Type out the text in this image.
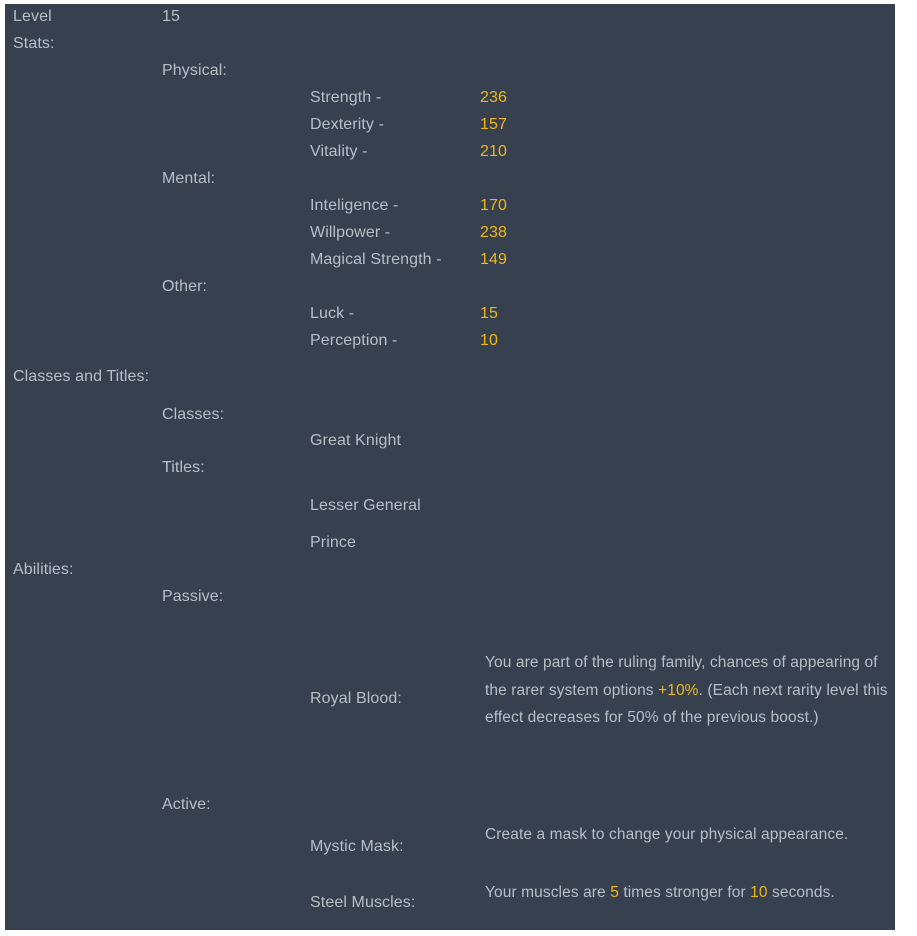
Level	15
Stats:
Physical:
Strength -	236
Dexterity -	157
Vitality -	210
Mental:
Inteligence -	170
Willpower -	238
Magical Strength - 149
Other:
Luck -	15
Perception -	10
Classes and Titles:
Classes:
Great Knight
Titles:
Lesser General
Prince
Abilities:
Passive:
Royal Blood:
You are part of the ruling family, chances of appearing of the rarer system options +10%. (Each next rarity level this effect decreases for 50% of the previous boost.)
Active:
Mystic Mask:
Create a mask to change your physical appearance.
Steel Muscles:
Your muscles are 5 times stronger for 10 seconds.
